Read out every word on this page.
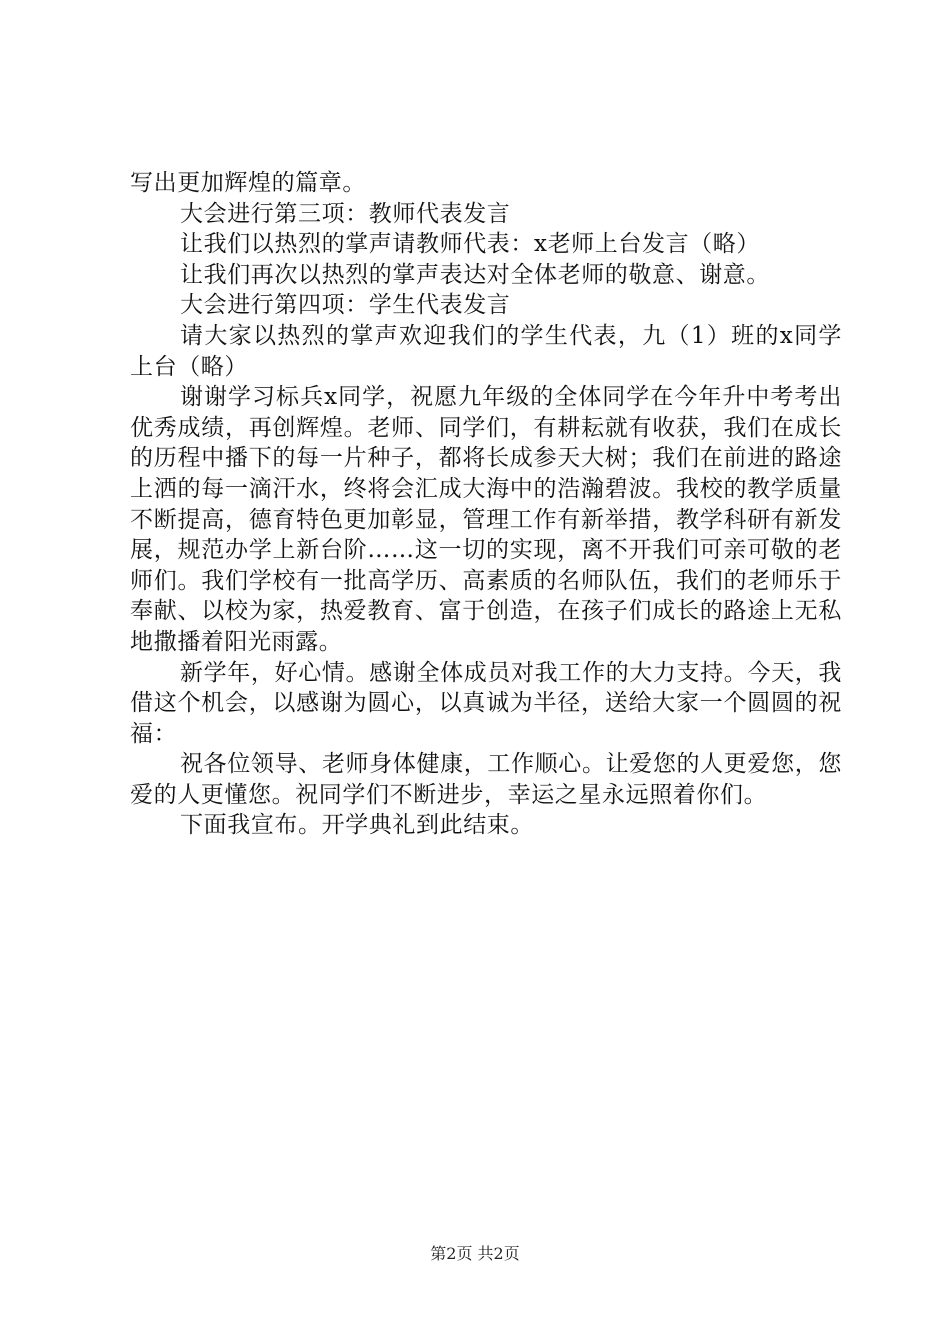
写出更加辉煌的篇章。

大会进行第三项：教师代表发言

让我们以热烈的掌声请教师代表：x老师上台发言（略）

让我们再次以热烈的掌声表达对全体老师的敬意、谢意。

大会进行第四项：学生代表发言

请大家以热烈的掌声欢迎我们的学生代表，九（1）班的x同学上台（略）

谢谢学习标兵x同学，祝愿九年级的全体同学在今年升中考考出优秀成绩，再创辉煌。老师、同学们，有耕耘就有收获，我们在成长的历程中播下的每一片种子，都将长成参天大树；我们在前进的路途上洒的每一滴汗水，终将会汇成大海中的浩瀚碧波。我校的教学质量不断提高，德育特色更加彰显，管理工作有新举措，教学科研有新发展，规范办学上新台阶……这一切的实现，离不开我们可亲可敬的老师们。我们学校有一批高学历、高素质的名师队伍，我们的老师乐于奉献、以校为家，热爱教育、富于创造，在孩子们成长的路途上无私地撒播着阳光雨露。

新学年，好心情。感谢全体成员对我工作的大力支持。今天，我借这个机会，以感谢为圆心，以真诚为半径，送给大家一个圆圆的祝福：

祝各位领导、老师身体健康，工作顺心。让爱您的人更爱您，您爱的人更懂您。祝同学们不断进步，幸运之星永远照着你们。

下面我宣布。开学典礼到此结束。

第2页 共2页
